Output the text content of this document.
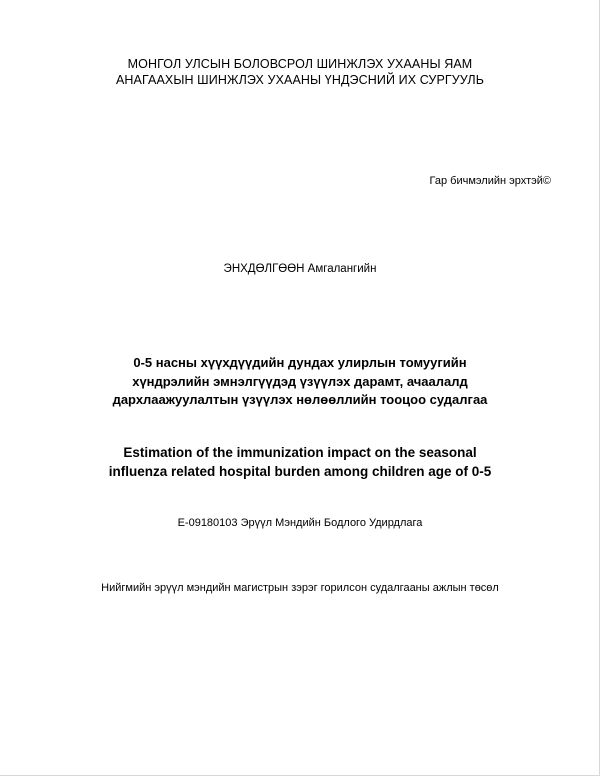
МОНГОЛ УЛСЫН БОЛОВСРОЛ ШИНЖЛЭХ УХААНЫ ЯАМ
АНАГААХЫН ШИНЖЛЭХ УХААНЫ ҮНДЭСНИЙ ИХ СУРГУУЛЬ
Гар бичмэлийн эрхтэй©
ЭНХДӨЛГӨӨН Амгалангийн
0-5 насны хүүхдүүдийн дундах улирлын томуугийн
хүндрэлийн эмнэлгүүдэд үзүүлэх дарамт, ачаалалд
дархлаажуулалтын үзүүлэх нөлөөллийн тооцоо судалгаа
Estimation of the immunization impact on the seasonal
influenza related hospital burden among children age of 0-5
E-09180103 Эрүүл Мэндийн Бодлого Удирдлага
Нийгмийн эрүүл мэндийн магистрын зэрэг горилсон судалгааны ажлын төсөл
